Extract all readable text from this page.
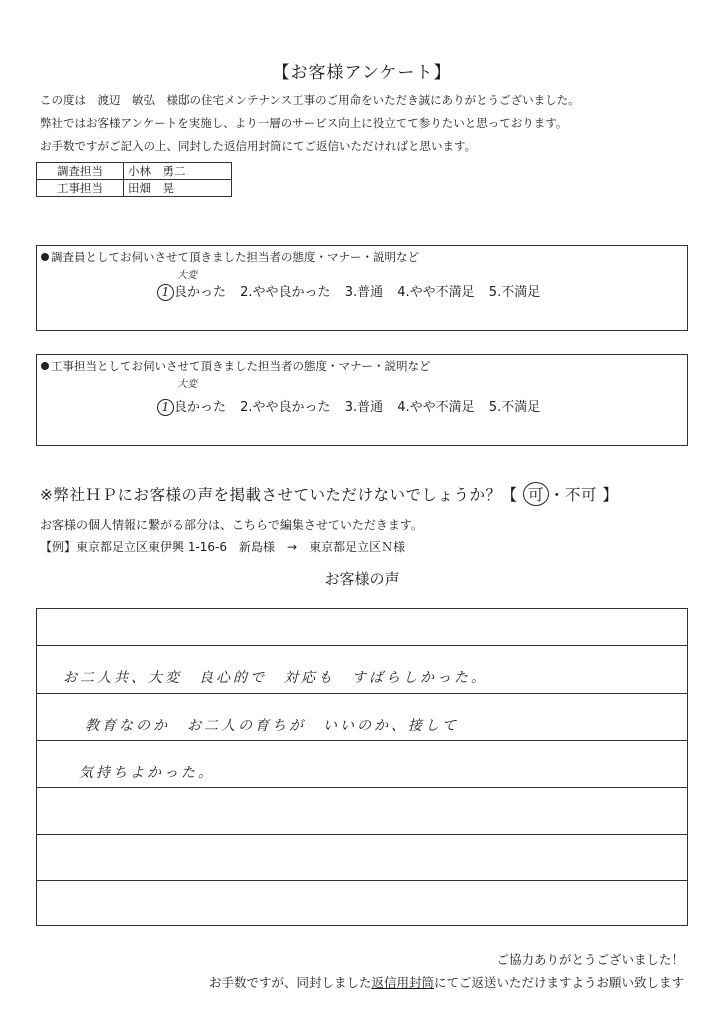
【お客様アンケート】
この度は　渡辺　敏弘　様邸の住宅メンテナンス工事のご用命をいただき誠にありがとうございました。
弊社ではお客様アンケートを実施し、より一層のサービス向上に役立てて参りたいと思っております。
お手数ですがご記入の上、同封した返信用封筒にてご返信いただければと思います。
調査担当	小林　勇二
工事担当	田畑　晃
調査員としてお伺いさせて頂きました担当者の態度・マナー・説明など
大変
1 良かった 2.やや良かった 3.普通 4.やや不満足 5.不満足
工事担当としてお伺いさせて頂きました担当者の態度・マナー・説明など
大変
1 良かった 2.やや良かった 3.普通 4.やや不満足 5.不満足
※弊社ＨＰにお客様の声を掲載させていただけないでしょうか？【 可 ・不可 】
お客様の個人情報に繋がる部分は、こちらで編集させていただきます。
【例】東京都足立区東伊興 1-16-6　新島様　→　東京都足立区Ｎ様
お客様の声
お二人共、大変　良心的で　対応も　すばらしかった。
教育なのか　お二人の育ちが　いいのか、接して
気持ちよかった。
ご協力ありがとうございました！
お手数ですが、同封しました返信用封筒にてご返送いただけますようお願い致します
